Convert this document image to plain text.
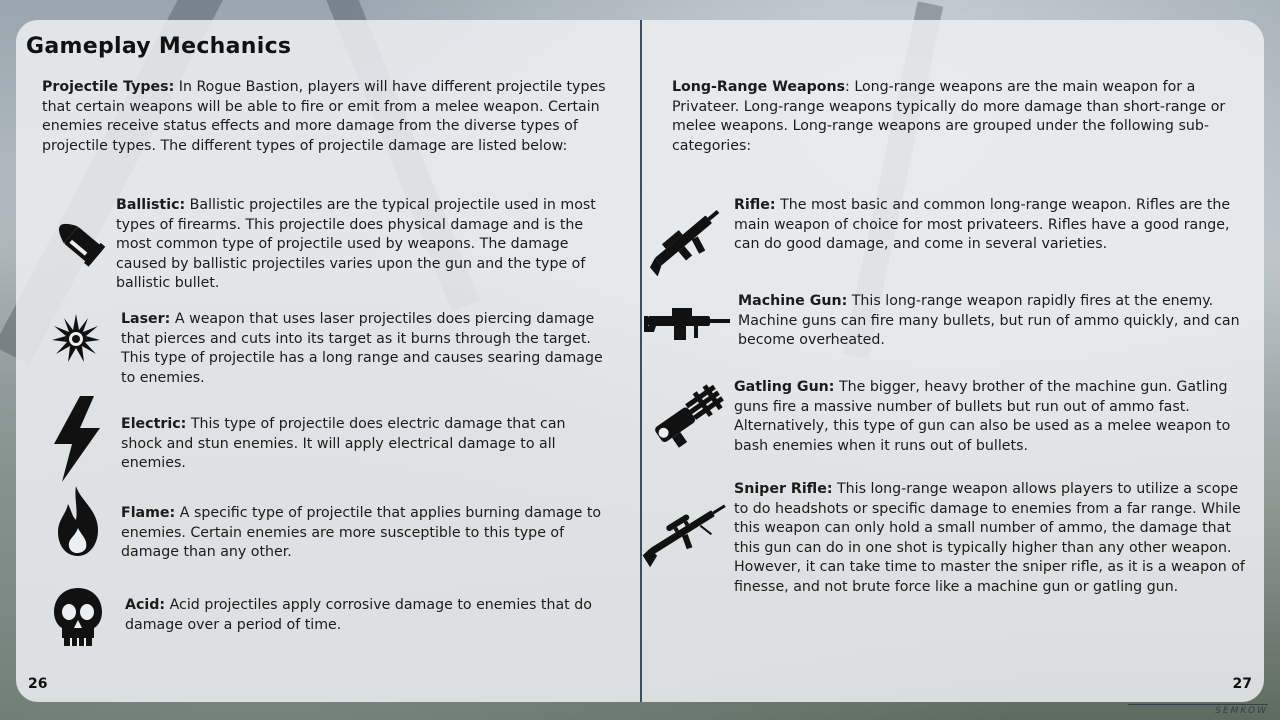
Gameplay Mechanics

Projectile Types: In Rogue Bastion, players will have different projectile types that certain weapons will be able to fire or emit from a melee weapon. Certain enemies receive status effects and more damage from the diverse types of projectile types. The different types of projectile damage are listed below:

Ballistic: Ballistic projectiles are the typical projectile used in most types of firearms. This projectile does physical damage and is the most common type of projectile used by weapons. The damage caused by ballistic projectiles varies upon the gun and the type of ballistic bullet.

Laser: A weapon that uses laser projectiles does piercing damage that pierces and cuts into its target as it burns through the target. This type of projectile has a long range and causes searing damage to enemies.

Electric: This type of projectile does electric damage that can shock and stun enemies. It will apply electrical damage to all enemies.

Flame: A specific type of projectile that applies burning damage to enemies. Certain enemies are more susceptible to this type of damage than any other.

Acid: Acid projectiles apply corrosive damage to enemies that do damage over a period of time.

26

Long-Range Weapons: Long-range weapons are the main weapon for a Privateer. Long-range weapons typically do more damage than short-range or melee weapons. Long-range weapons are grouped under the following sub-categories:

Rifle: The most basic and common long-range weapon. Rifles are the main weapon of choice for most privateers. Rifles have a good range, can do good damage, and come in several varieties.

Machine Gun: This long-range weapon rapidly fires at the enemy. Machine guns can fire many bullets, but run of ammo quickly, and can become overheated.

Gatling Gun: The bigger, heavy brother of the machine gun. Gatling guns fire a massive number of bullets but run out of ammo fast. Alternatively, this type of gun can also be used as a melee weapon to bash enemies when it runs out of bullets.

Sniper Rifle: This long-range weapon allows players to utilize a scope to do headshots or specific damage to enemies from a far range. While this weapon can only hold a small number of ammo, the damage that this gun can do in one shot is typically higher than any other weapon. However, it can take time to master the sniper rifle, as it is a weapon of finesse, and not brute force like a machine gun or gatling gun.

27
SEMKOW
